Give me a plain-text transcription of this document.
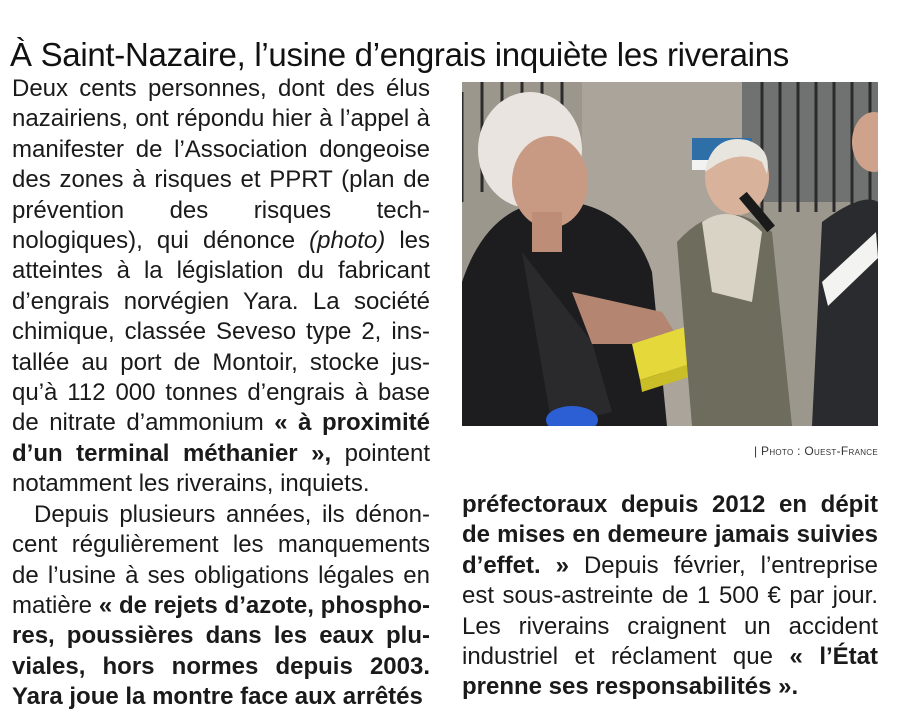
À Saint-Nazaire, l’usine d’engrais inquiète les riverains

Deux cents personnes, dont des élus nazairiens, ont répondu hier à l’appel à manifester de l’Association dongeoise des zones à risques et PPRT (plan de prévention des risques technologiques), qui dénonce (photo) les atteintes à la législation du fabricant d’engrais norvégien Yara. La société chimique, classée Seveso type 2, installée au port de Montoir, stocke jusqu’à 112 000 tonnes d’engrais à base de nitrate d’ammonium « à proximité d’un terminal méthanier », pointent notamment les riverains, inquiets.

Depuis plusieurs années, ils dénoncent régulièrement les manquements de l’usine à ses obligations légales en matière « de rejets d’azote, phosphores, poussières dans les eaux pluviales, hors normes depuis 2003. Yara joue la montre face aux arrêtés

| Photo : Ouest-France

préfectoraux depuis 2012 en dépit de mises en demeure jamais suivies d’effet. » Depuis février, l’entreprise est sous-astreinte de 1 500 € par jour. Les riverains craignent un accident industriel et réclament que « l’État prenne ses responsabilités ».
